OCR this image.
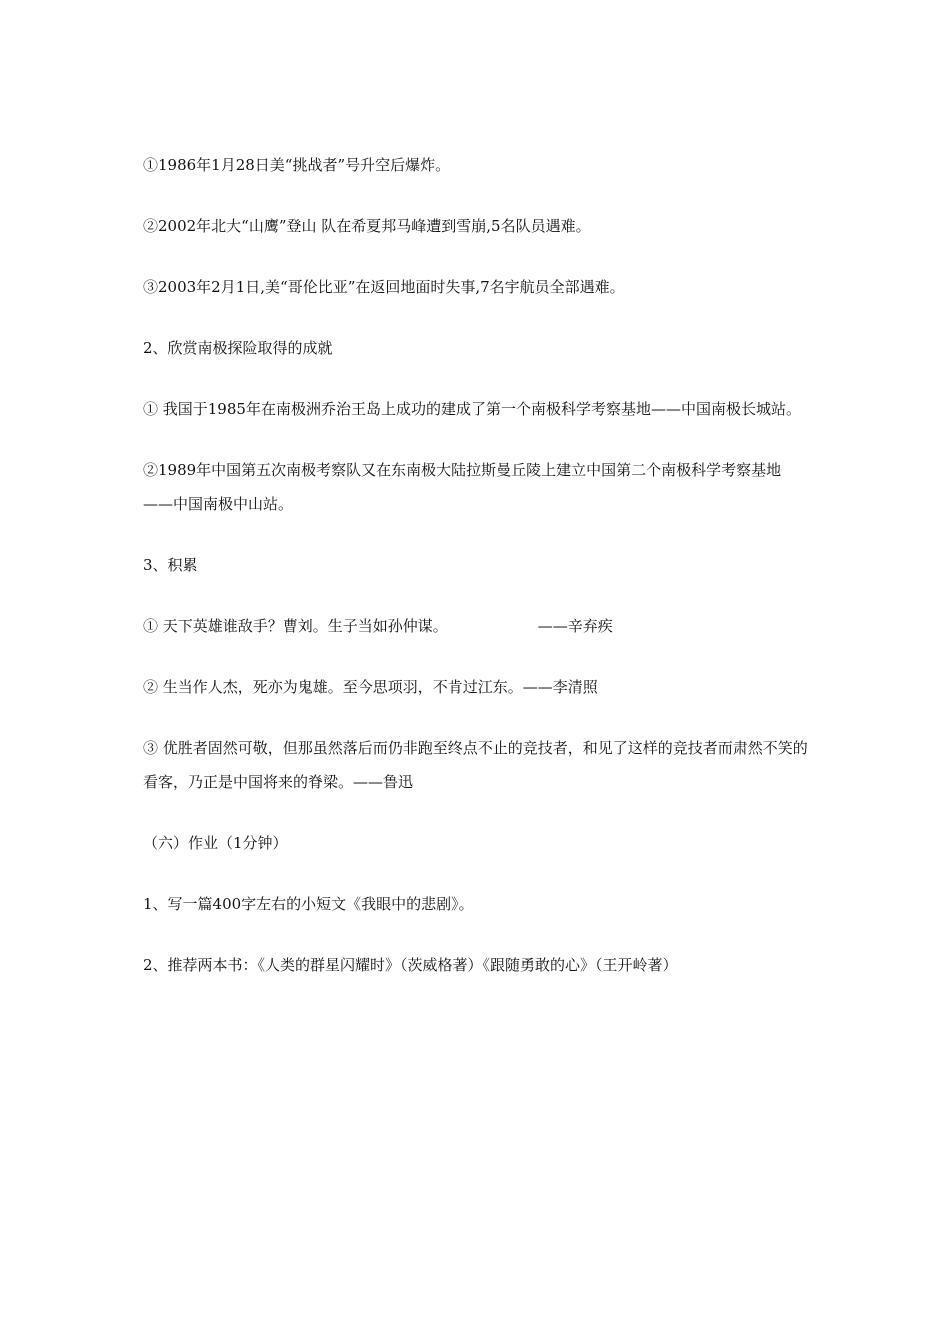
①1986年1月28日美“挑战者”号升空后爆炸。

②2002年北大“山鹰”登山 队在希夏邦马峰遭到雪崩,5名队员遇难。

③2003年2月1日,美“哥伦比亚”在返回地面时失事,7名宇航员全部遇难。

2、欣赏南极探险取得的成就

① 我国于1985年在南极洲乔治王岛上成功的建成了第一个南极科学考察基地——中国南极长城站。

②1989年中国第五次南极考察队又在东南极大陆拉斯曼丘陵上建立中国第二个南极科学考察基地——中国南极中山站。

3、积累

① 天下英雄谁敌手？曹刘。生子当如孙仲谋。	——辛弃疾

② 生当作人杰，死亦为鬼雄。至今思项羽，不肯过江东。——李清照

③ 优胜者固然可敬，但那虽然落后而仍非跑至终点不止的竞技者，和见了这样的竞技者而肃然不笑的看客，乃正是中国将来的脊梁。——鲁迅

（六）作业（1分钟）

1、写一篇400字左右的小短文《我眼中的悲剧》。

2、推荐两本书：《人类的群星闪耀时》（茨威格著）《跟随勇敢的心》（王开岭著）
